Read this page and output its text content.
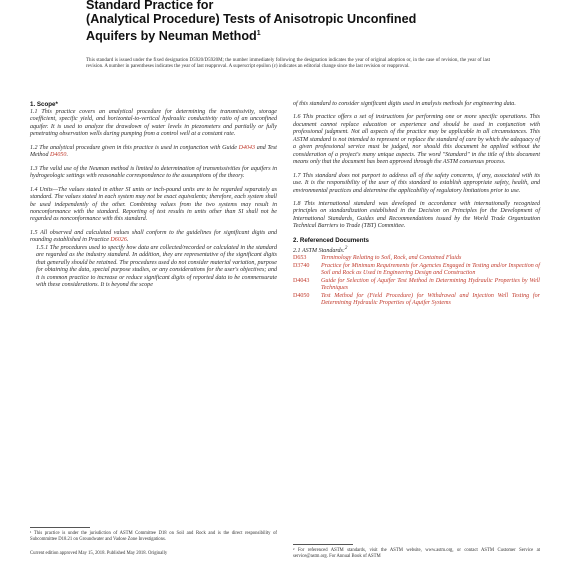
Standard Practice for
(Analytical Procedure) Tests of Anisotropic Unconfined
Aquifers by Neuman Method$^1$
This standard is issued under the fixed designation D5920/D5920M; the number immediately following the designation indicates the year of original adoption or, in the case of revision, the year of last revision. A number in parentheses indicates the year of last reapproval. A superscript epsilon (ε) indicates an editorial change since the last revision or reapproval.

1. Scope*

1.1 This practice covers an analytical procedure for determining the transmissivity, storage coefficient, specific yield, and horizontal-to-vertical hydraulic conductivity ratio of an unconfined aquifer. It is used to analyze the drawdown of water levels in piezometers and partially or fully penetrating observation wells during pumping from a control well at a constant rate.

1.2 The analytical procedure given in this practice is used in conjunction with Guide D4043 and Test Method D4050.

1.3 The valid use of the Neuman method is limited to determination of transmissivities for aquifers in hydrogeologic settings with reasonable correspondence to the assumptions of the theory.

1.4 Units—The values stated in either SI units or inch-pound units are to be regarded separately as standard. The values stated in each system may not be exact equivalents; therefore, each system shall be used independently of the other. Combining values from the two systems may result in nonconformance with the standard. Reporting of test results in units other than SI shall not be regarded as nonconformance with this standard.

1.5 All observed and calculated values shall conform to the guidelines for significant digits and rounding established in Practice D6026.

1.5.1 The procedures used to specify how data are collected/recorded or calculated in the standard are regarded as the industry standard. In addition, they are representative of the significant digits that generally should be retained. The procedures used do not consider material variation, purpose for obtaining the data, special purpose studies, or any considerations for the user's objectives; and it is common practice to increase or reduce significant digits of reported data to be commensurate with these considerations. It is beyond the scope

¹ This practice is under the jurisdiction of ASTM Committee D18 on Soil and Rock and is the direct responsibility of Subcommittee D18.21 on Groundwater and Vadose Zone Investigations.
Current edition approved May 15, 2018. Published May 2018. Originally

of this standard to consider significant digits used in analysis methods for engineering data.

1.6 This practice offers a set of instructions for performing one or more specific operations. This document cannot replace education or experience and should be used in conjunction with professional judgment. Not all aspects of the practice may be applicable in all circumstances. This ASTM standard is not intended to represent or replace the standard of care by which the adequacy of a given professional service must be judged, nor should this document be applied without the consideration of a project's many unique aspects. The word "Standard" in the title of this document means only that the document has been approved through the ASTM consensus process.

1.7 This standard does not purport to address all of the safety concerns, if any, associated with its use. It is the responsibility of the user of this standard to establish appropriate safety, health, and environmental practices and determine the applicability of regulatory limitations prior to use.

1.8 This international standard was developed in accordance with internationally recognized principles on standardization established in the Decision on Principles for the Development of International Standards, Guides and Recommendations issued by the World Trade Organization Technical Barriers to Trade (TBT) Committee.

2. Referenced Documents

2.1 ASTM Standards:$^2$

D653	Terminology Relating to Soil, Rock, and Contained Fluids
D3740	Practice for Minimum Requirements for Agencies Engaged in Testing and/or Inspection of Soil and Rock as Used in Engineering Design and Construction
D4043	Guide for Selection of Aquifer Test Method in Determining Hydraulic Properties by Well Techniques
D4050	Test Method for (Field Procedure) for Withdrawal and Injection Well Testing for Determining Hydraulic Properties of Aquifer Systems
² For referenced ASTM standards, visit the ASTM website, www.astm.org, or contact ASTM Customer Service at service@astm.org. For Annual Book of ASTM
